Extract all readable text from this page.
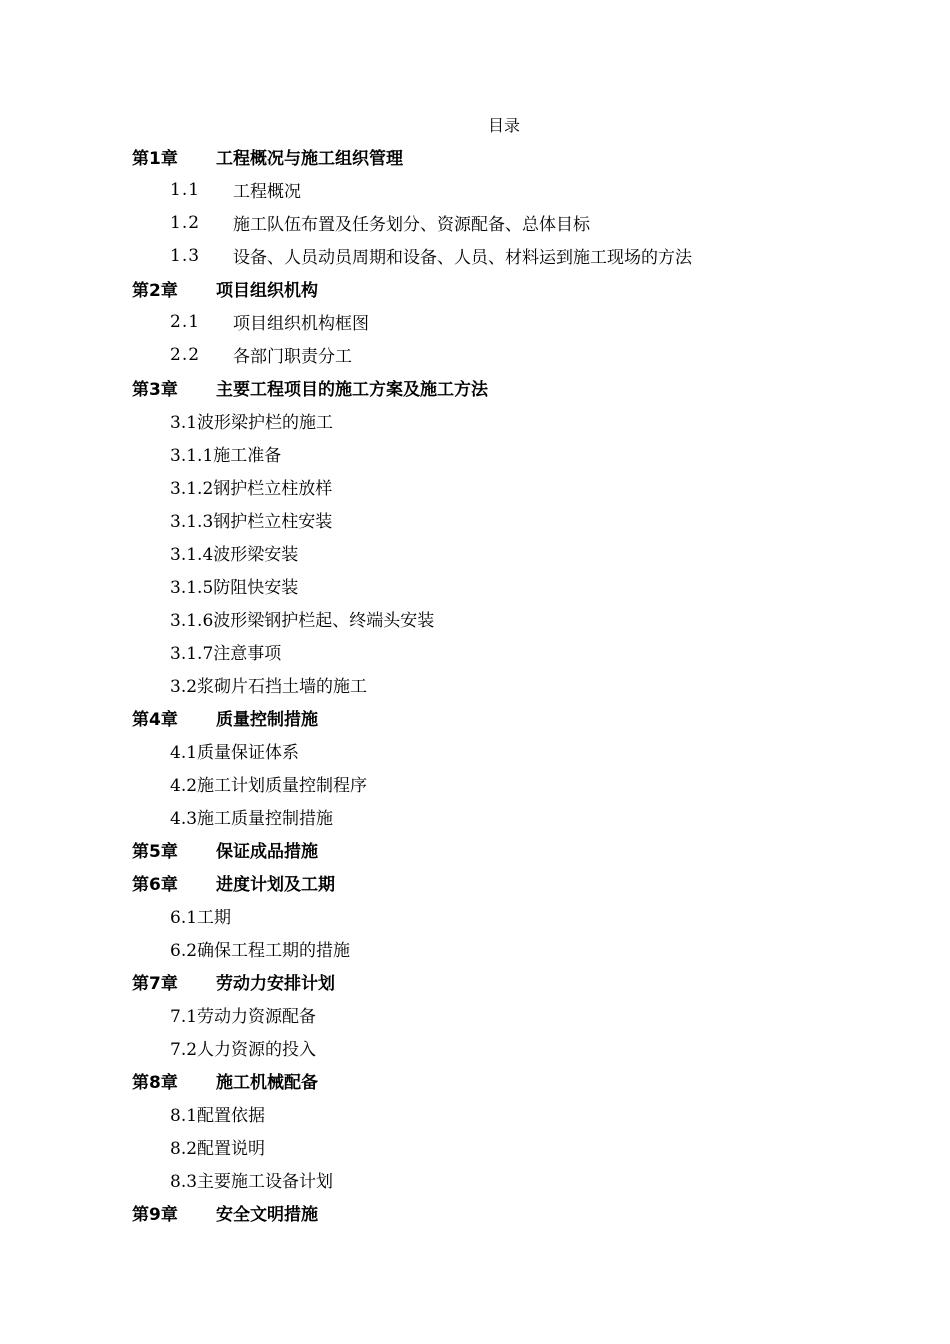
目录
第1章	工程概况与施工组织管理
1.1	工程概况
1.2	施工队伍布置及任务划分、资源配备、总体目标
1.3	设备、人员动员周期和设备、人员、材料运到施工现场的方法
第2章	项目组织机构
2.1	项目组织机构框图
2.2	各部门职责分工
第3章	主要工程项目的施工方案及施工方法
3.1波形梁护栏的施工
3.1.1施工准备
3.1.2钢护栏立柱放样
3.1.3钢护栏立柱安装
3.1.4波形梁安装
3.1.5防阻快安装
3.1.6波形梁钢护栏起、终端头安装
3.1.7注意事项
3.2浆砌片石挡土墙的施工
第4章	质量控制措施
4.1质量保证体系
4.2施工计划质量控制程序
4.3施工质量控制措施
第5章	保证成品措施
第6章	进度计划及工期
6.1工期
6.2确保工程工期的措施
第7章	劳动力安排计划
7.1劳动力资源配备
7.2人力资源的投入
第8章	施工机械配备
8.1配置依据
8.2配置说明
8.3主要施工设备计划
第9章	安全文明措施
